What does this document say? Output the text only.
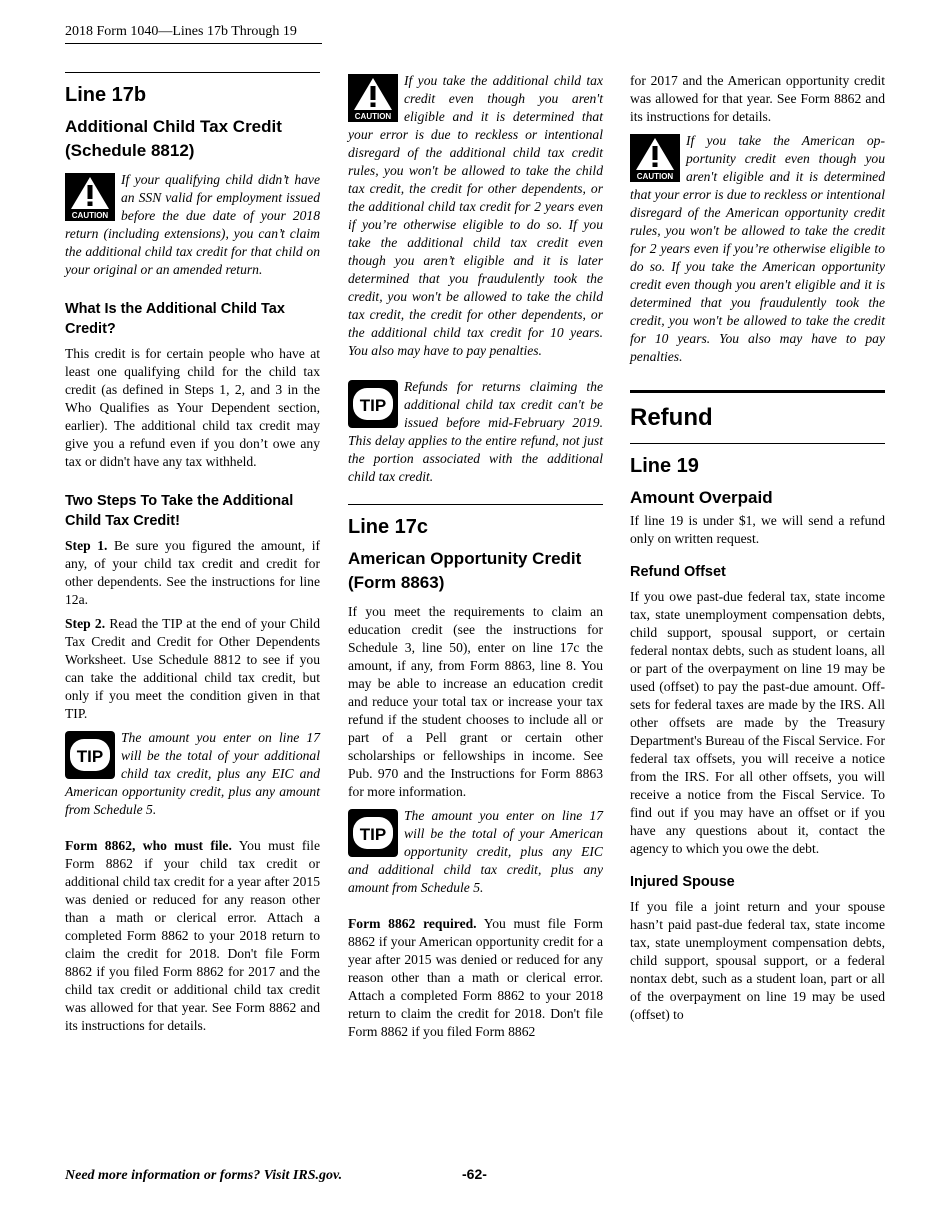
2018 Form 1040—Lines 17b Through 19
Line 17b
Additional Child Tax Credit (Schedule 8812)
CAUTION

If your qualifying child didn’t have an SSN valid for employment issued before the due date of your 2018 return (including extensions), you can’t claim the additional child tax credit for that child on your original or an amended return.

What Is the Additional Child Tax Credit?

This credit is for certain people who have at least one qualifying child for the child tax credit (as defined in Steps 1, 2, and 3 in the Who Qualifies as Your Dependent section, earlier). The additional child tax credit may give you a refund even if you don’t owe any tax or didn't have any tax withheld.

Two Steps To Take the Additional Child Tax Credit!

Step 1. Be sure you figured the amount, if any, of your child tax credit and credit for other dependents. See the instructions for line 12a.

Step 2. Read the TIP at the end of your Child Tax Credit and Credit for Other Dependents Worksheet. Use Schedule 8812 to see if you can take the additional child tax credit, but only if you meet the condition given in that TIP.

TIP

The amount you enter on line 17 will be the total of your additional child tax credit, plus any EIC and American opportunity credit, plus any amount from Schedule 5.

Form 8862, who must file. You must file Form 8862 if your child tax credit or additional child tax credit for a year after 2015 was denied or reduced for any reason other than a math or clerical error. Attach a completed Form 8862 to your 2018 return to claim the credit for 2018. Don't file Form 8862 if you filed Form 8862 for 2017 and the child tax credit or additional child tax credit was allowed for that year. See Form 8862 and its instructions for details.

CAUTION

If you take the additional child tax credit even though you aren't eligible and it is determined that your error is due to reckless or intentional disregard of the additional child tax credit rules, you won't be allowed to take the child tax credit, the credit for other dependents, or the additional child tax credit for 2 years even if you’re otherwise eligible to do so. If you take the additional child tax credit even though you aren’t eligible and it is later determined that you fraudulently took the credit, you won't be allowed to take the child tax credit, the credit for other dependents, or the additional child tax credit for 10 years. You also may have to pay penalties.

TIP

Refunds for returns claiming the additional child tax credit can't be issued before mid-February 2019. This delay applies to the entire refund, not just the portion associated with the additional child tax credit.

Line 17c
American Opportunity Credit (Form 8863)

If you meet the requirements to claim an education credit (see the instructions for Schedule 3, line 50), enter on line 17c the amount, if any, from Form 8863, line 8. You may be able to increase an education credit and reduce your total tax or increase your tax refund if the student chooses to include all or part of a Pell grant or certain other scholarships or fellowships in income. See Pub. 970 and the Instructions for Form 8863 for more information.

TIP

The amount you enter on line 17 will be the total of your American opportunity credit, plus any EIC and additional child tax credit, plus any amount from Schedule 5.

Form 8862 required. You must file Form 8862 if your American opportunity credit for a year after 2015 was denied or reduced for any reason other than a math or clerical error. Attach a completed Form 8862 to your 2018 return to claim the credit for 2018. Don't file Form 8862 if you filed Form 8862

for 2017 and the American opportunity credit was allowed for that year. See Form 8862 and its instructions for details.

CAUTION

If you take the American opportunity credit even though you aren't eligible and it is determined that your error is due to reckless or intentional disregard of the American opportunity credit rules, you won't be allowed to take the credit for 2 years even if you’re otherwise eligible to do so. If you take the American opportunity credit even though you aren't eligible and it is determined that you fraudulently took the credit, you won't be allowed to take the credit for 10 years. You also may have to pay penalties.

Refund
Line 19
Amount Overpaid

If line 19 is under $1, we will send a refund only on written request.

Refund Offset

If you owe past-due federal tax, state income tax, state unemployment compensation debts, child support, spousal support, or certain federal nontax debts, such as student loans, all or part of the overpayment on line 19 may be used (offset) to pay the past-due amount. Offsets for federal taxes are made by the IRS. All other offsets are made by the Treasury Department's Bureau of the Fiscal Service. For federal tax offsets, you will receive a notice from the IRS. For all other offsets, you will receive a notice from the Fiscal Service. To find out if you may have an offset or if you have any questions about it, contact the agency to which you owe the debt.

Injured Spouse

If you file a joint return and your spouse hasn’t paid past-due federal tax, state income tax, state unemployment compensation debts, child support, spousal support, or a federal nontax debt, such as a student loan, part or all of the overpayment on line 19 may be used (offset) to

Need more information or forms? Visit IRS.gov.	-62-
